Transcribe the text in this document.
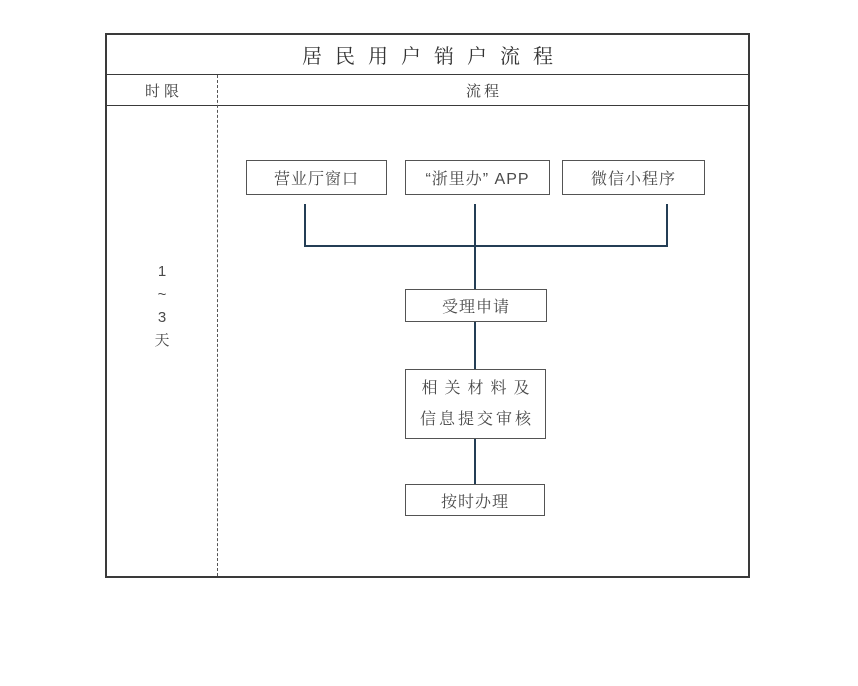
居民用户销户流程
时限	流程
1
~
3
天
营业厅窗口	“浙里办” APP	微信小程序
受理申请
相关材料及
信息提交审核
按时办理
